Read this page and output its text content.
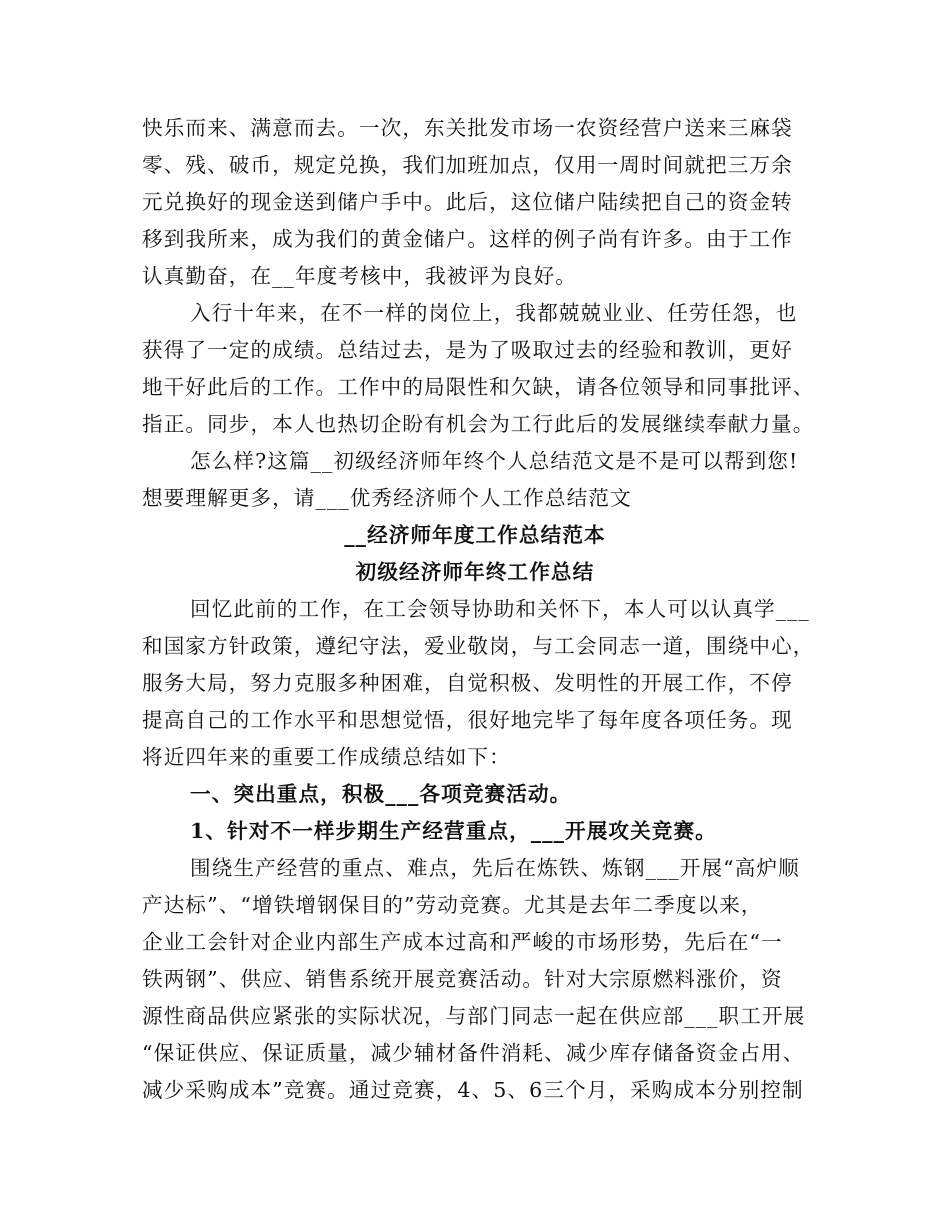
快乐而来、满意而去。一次，东关批发市场一农资经营户送来三麻袋
零、残、破币，规定兑换，我们加班加点，仅用一周时间就把三万余
元兑换好的现金送到储户手中。此后，这位储户陆续把自己的资金转
移到我所来，成为我们的黄金储户。这样的例子尚有许多。由于工作
认真勤奋，在__年度考核中，我被评为良好。
入行十年来，在不一样的岗位上，我都兢兢业业、任劳任怨，也
获得了一定的成绩。总结过去，是为了吸取过去的经验和教训，更好
地干好此后的工作。工作中的局限性和欠缺，请各位领导和同事批评、
指正。同步，本人也热切企盼有机会为工行此后的发展继续奉献力量。
怎么样?这篇__初级经济师年终个人总结范文是不是可以帮到您!
想要理解更多，请___优秀经济师个人工作总结范文
__经济师年度工作总结范本
初级经济师年终工作总结
回忆此前的工作，在工会领导协助和关怀下，本人可以认真学___
和国家方针政策，遵纪守法，爱业敬岗，与工会同志一道，围绕中心，
服务大局，努力克服多种困难，自觉积极、发明性的开展工作，不停
提高自己的工作水平和思想觉悟，很好地完毕了每年度各项任务。现
将近四年来的重要工作成绩总结如下：
一、突出重点，积极___各项竞赛活动。
1、针对不一样步期生产经营重点，___开展攻关竞赛。
围绕生产经营的重点、难点，先后在炼铁、炼钢___开展“高炉顺
产达标”、“增铁增钢保目的”劳动竞赛。尤其是去年二季度以来，
企业工会针对企业内部生产成本过高和严峻的市场形势，先后在“一
铁两钢”、供应、销售系统开展竞赛活动。针对大宗原燃料涨价，资
源性商品供应紧张的实际状况，与部门同志一起在供应部___职工开展
“保证供应、保证质量，减少辅材备件消耗、减少库存储备资金占用、
减少采购成本”竞赛。通过竞赛，4、5、6三个月，采购成本分别控制
